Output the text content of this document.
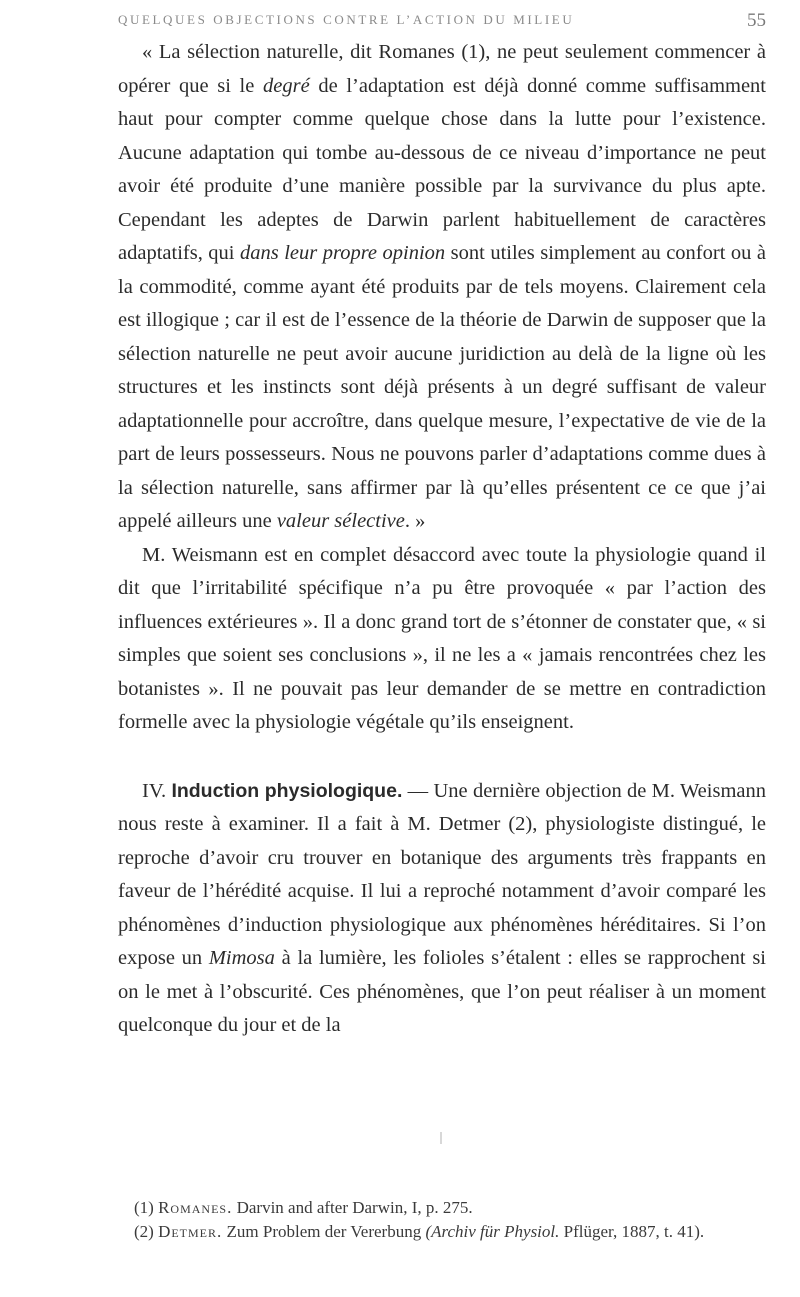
QUELQUES OBJECTIONS CONTRE L’ACTION DU MILIEU	55

« La sélection naturelle, dit Romanes (1), ne peut seulement commencer à opérer que si le degré de l’adaptation est déjà donné comme suffisamment haut pour compter comme quelque chose dans la lutte pour l’existence. Aucune adaptation qui tombe au-dessous de ce niveau d’importance ne peut avoir été produite d’une manière possible par la survivance du plus apte. Cependant les adeptes de Darwin parlent habituellement de caractères adaptatifs, qui dans leur propre opinion sont utiles simplement au confort ou à la commodité, comme ayant été produits par de tels moyens. Clairement cela est illogique ; car il est de l’essence de la théorie de Darwin de supposer que la sélection naturelle ne peut avoir aucune juridiction au delà de la ligne où les structures et les instincts sont déjà présents à un degré suffisant de valeur adaptationnelle pour accroître, dans quelque mesure, l’expectative de vie de la part de leurs possesseurs. Nous ne pouvons parler d’adaptations comme dues à la sélection naturelle, sans affirmer par là qu’elles présentent ce ce que j’ai appelé ailleurs une valeur sélective. »

M. Weismann est en complet désaccord avec toute la physiologie quand il dit que l’irritabilité spécifique n’a pu être provoquée « par l’action des influences extérieures ». Il a donc grand tort de s’étonner de constater que, « si simples que soient ses conclusions », il ne les a « jamais rencontrées chez les botanistes ». Il ne pouvait pas leur demander de se mettre en contradiction formelle avec la physiologie végétale qu’ils enseignent.

IV. Induction physiologique. — Une dernière objection de M. Weismann nous reste à examiner. Il a fait à M. Detmer (2), physiologiste distingué, le reproche d’avoir cru trouver en botanique des arguments très frappants en faveur de l’hérédité acquise. Il lui a reproché notamment d’avoir comparé les phénomènes d’induction physiologique aux phénomènes héréditaires. Si l’on expose un Mimosa à la lumière, les folioles s’étalent : elles se rapprochent si on le met à l’obscurité. Ces phénomènes, que l’on peut réaliser à un moment quelconque du jour et de la

(1) Romanes. Darvin and after Darwin, I, p. 275.

(2) Detmer. Zum Problem der Vererbung (Archiv für Physiol. Pflüger, 1887, t. 41).
